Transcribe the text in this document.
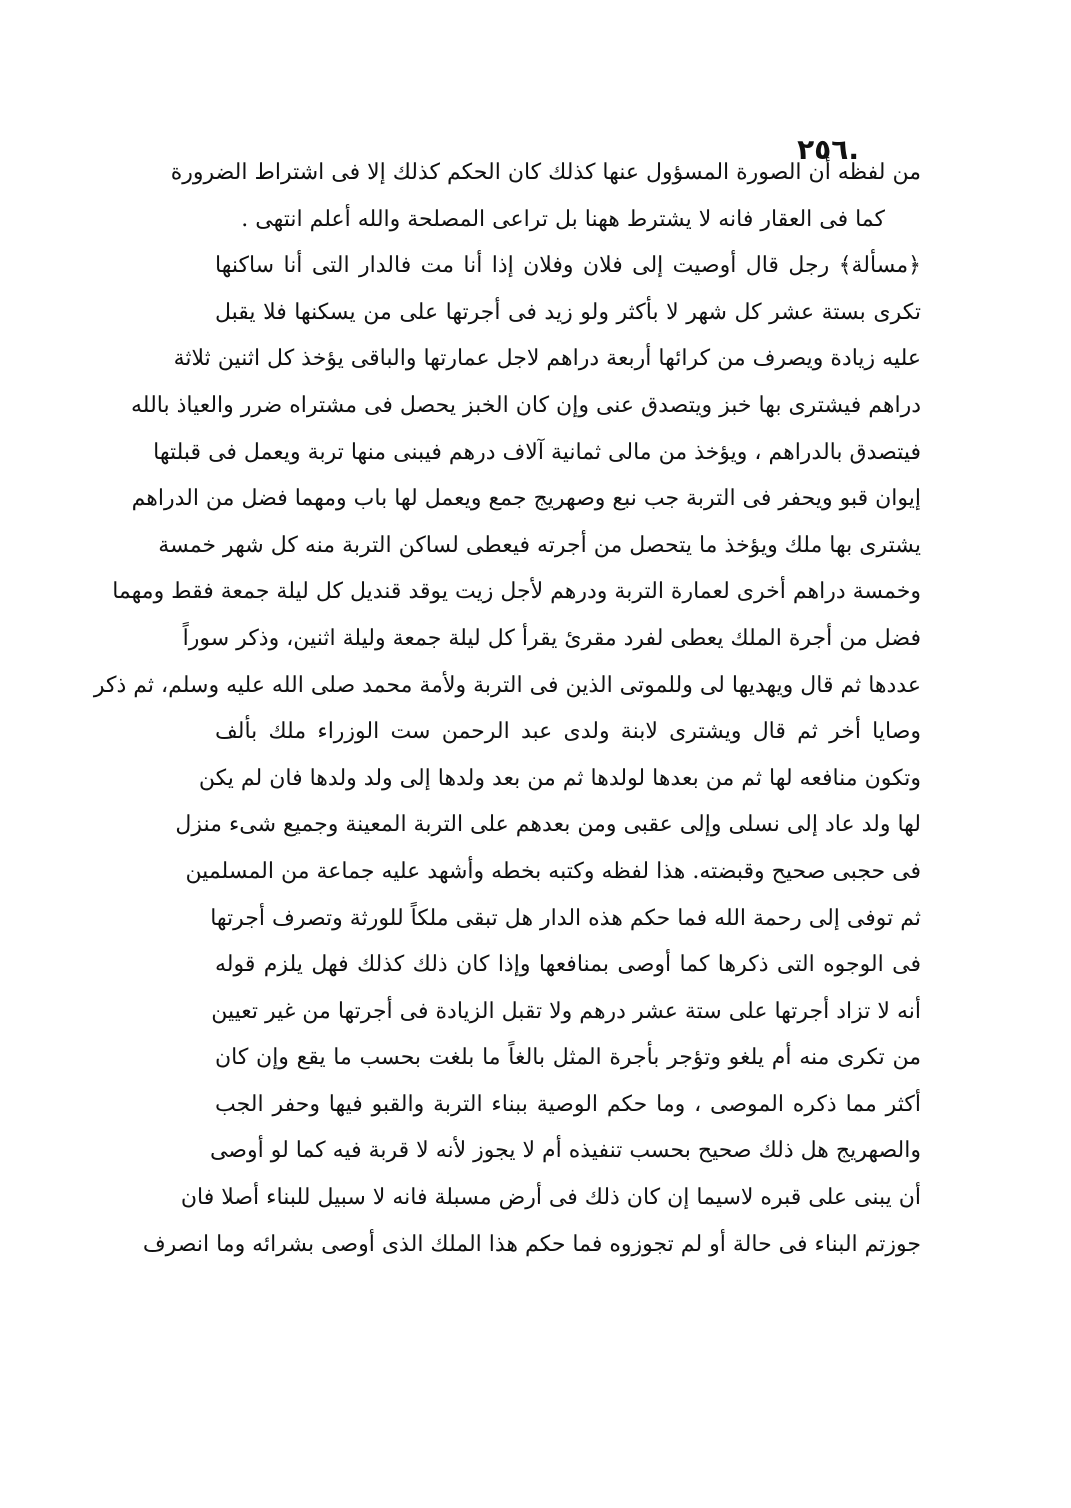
٢٥٦.
من لفظه أن الصورة المسؤول عنها كذلك كان الحكم كذلك إلا فى اشتراط الضرورة
كما فى العقار فانه لا يشترط ههنا بل تراعى المصلحة والله أعلم انتهى .
﴿مسألة﴾ رجل قال أوصيت إلى فلان وفلان إذا أنا مت فالدار التى أنا ساكنها
تكرى بستة عشر كل شهر لا بأكثر ولو زيد فى أجرتها على من يسكنها فلا يقبل
عليه زيادة ويصرف من كرائها أربعة دراهم لاجل عمارتها والباقى يؤخذ كل اثنين ثلاثة
دراهم فيشترى بها خبز ويتصدق عنى وإن كان الخبز يحصل فى مشتراه ضرر والعياذ بالله
فيتصدق بالدراهم ، ويؤخذ من مالى ثمانية آلاف درهم فيبنى منها تربة ويعمل فى قبلتها
إيوان قبو ويحفر فى التربة جب نبع وصهريج جمع ويعمل لها باب ومهما فضل من الدراهم
يشترى بها ملك ويؤخذ ما يتحصل من أجرته فيعطى لساكن التربة منه كل شهر خمسة
وخمسة دراهم أخرى لعمارة التربة ودرهم لأجل زيت يوقد قنديل كل ليلة جمعة فقط ومهما
فضل من أجرة الملك يعطى لفرد مقرئ يقرأ كل ليلة جمعة وليلة اثنين، وذكر سوراً
عددها ثم قال ويهديها لى وللموتى الذين فى التربة ولأمة محمد صلى الله عليه وسلم، ثم ذكر
وصايا أخر ثم قال ويشترى لابنة ولدى عبد الرحمن ست الوزراء ملك بألف
وتكون منافعه لها ثم من بعدها لولدها ثم من بعد ولدها إلى ولد ولدها فان لم يكن
لها ولد عاد إلى نسلى وإلى عقبى ومن بعدهم على التربة المعينة وجميع شىء منزل
فى حجبى صحيح وقبضته. هذا لفظه وكتبه بخطه وأشهد عليه جماعة من المسلمين
ثم توفى إلى رحمة الله فما حكم هذه الدار هل تبقى ملكاً للورثة وتصرف أجرتها
فى الوجوه التى ذكرها كما أوصى بمنافعها وإذا كان ذلك كذلك فهل يلزم قوله
أنه لا تزاد أجرتها على ستة عشر درهم ولا تقبل الزيادة فى أجرتها من غير تعيين
من تكرى منه أم يلغو وتؤجر بأجرة المثل بالغاً ما بلغت بحسب ما يقع وإن كان
أكثر مما ذكره الموصى ، وما حكم الوصية ببناء التربة والقبو فيها وحفر الجب
والصهريج هل ذلك صحيح بحسب تنفيذه أم لا يجوز لأنه لا قربة فيه كما لو أوصى
أن يبنى على قبره لاسيما إن كان ذلك فى أرض مسبلة فانه لا سبيل للبناء أصلا فان
جوزتم البناء فى حالة أو لم تجوزوه فما حكم هذا الملك الذى أوصى بشرائه وما انصرف
